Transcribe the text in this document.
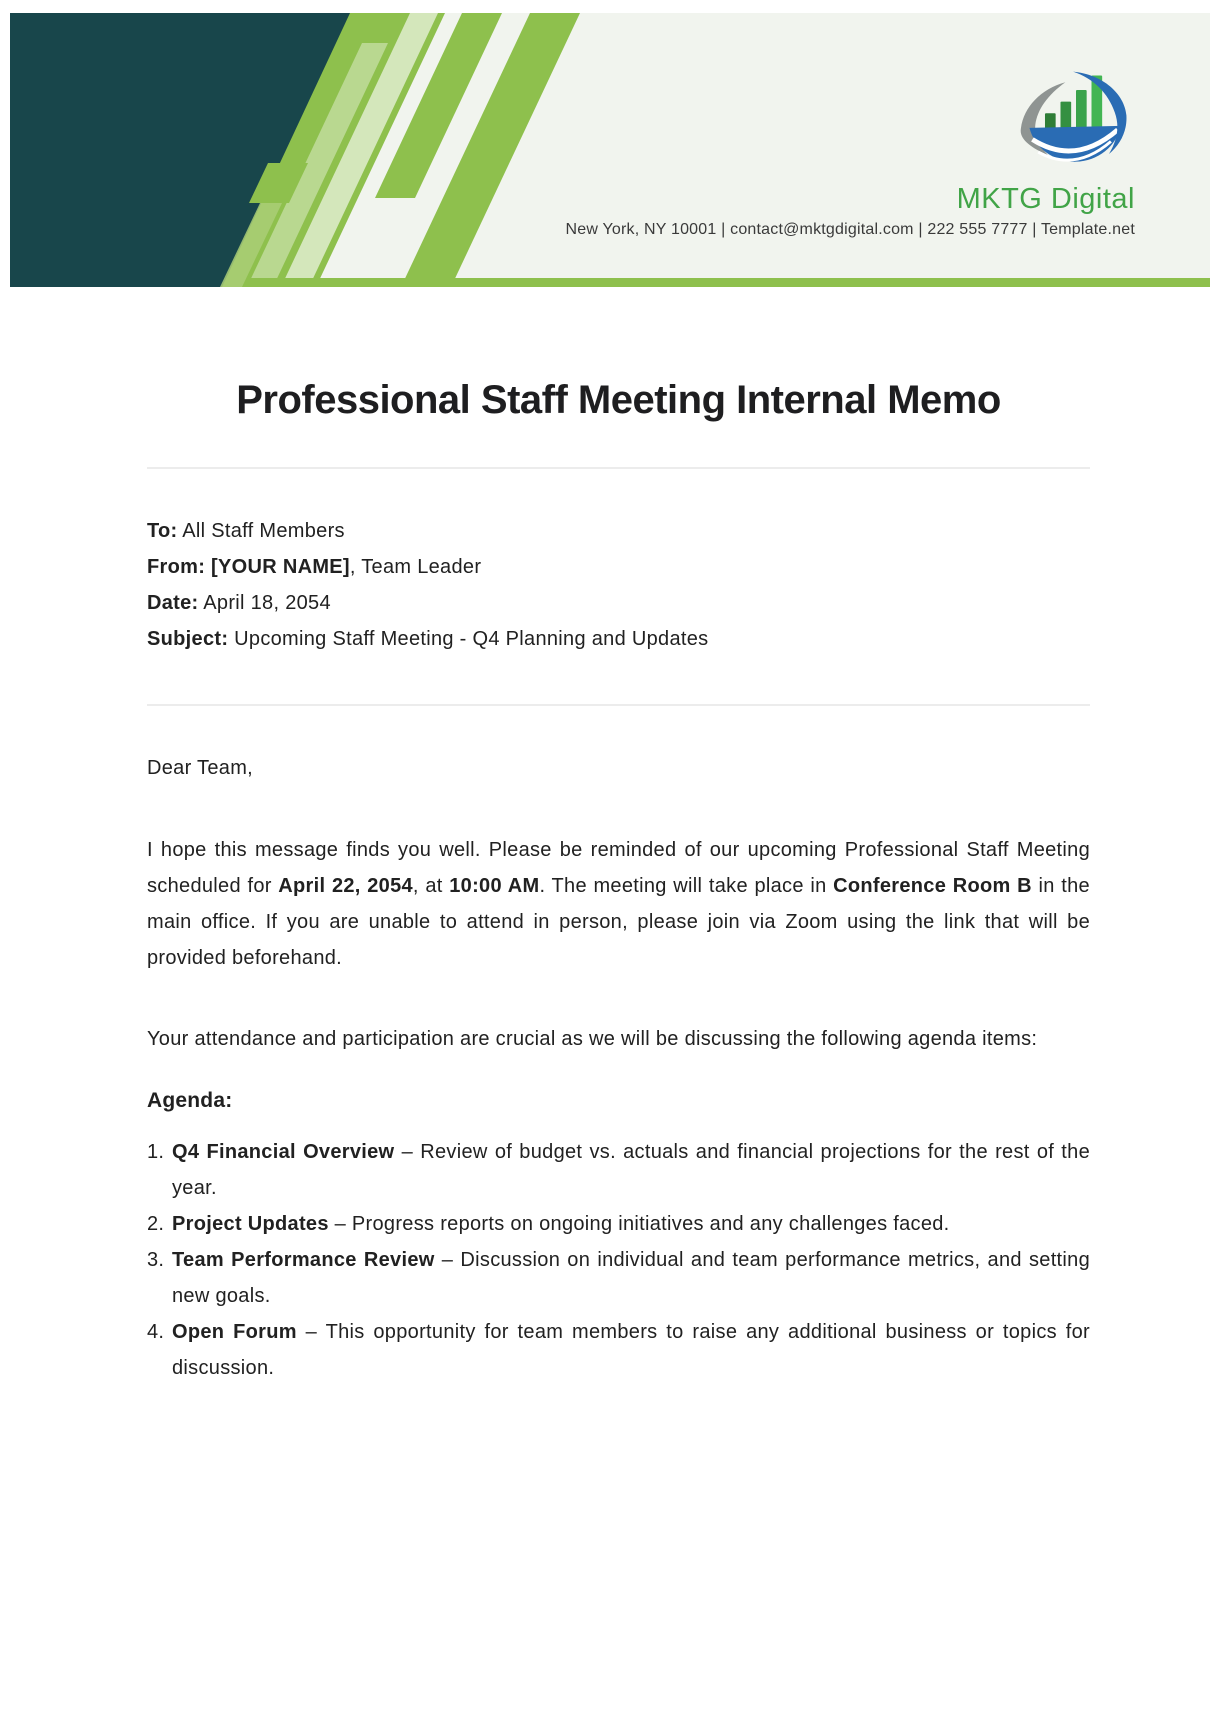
MKTG Digital
New York, NY 10001 | contact@mktgdigital.com | 222 555 7777 | Template.net
Professional Staff Meeting Internal Memo

To: All Staff Members

From: [YOUR NAME], Team Leader

Date: April 18, 2054

Subject: Upcoming Staff Meeting - Q4 Planning and Updates

Dear Team,

I hope this message finds you well. Please be reminded of our upcoming Professional Staff Meeting scheduled for April 22, 2054, at 10:00 AM. The meeting will take place in Conference Room B in the main office. If you are unable to attend in person, please join via Zoom using the link that will be provided beforehand.

Your attendance and participation are crucial as we will be discussing the following agenda items:

Agenda:
1. Q4 Financial Overview – Review of budget vs. actuals and financial projections for the rest of the year.
2. Project Updates – Progress reports on ongoing initiatives and any challenges faced.
3. Team Performance Review – Discussion on individual and team performance metrics, and setting new goals.
4. Open Forum – This opportunity for team members to raise any additional business or topics for discussion.
